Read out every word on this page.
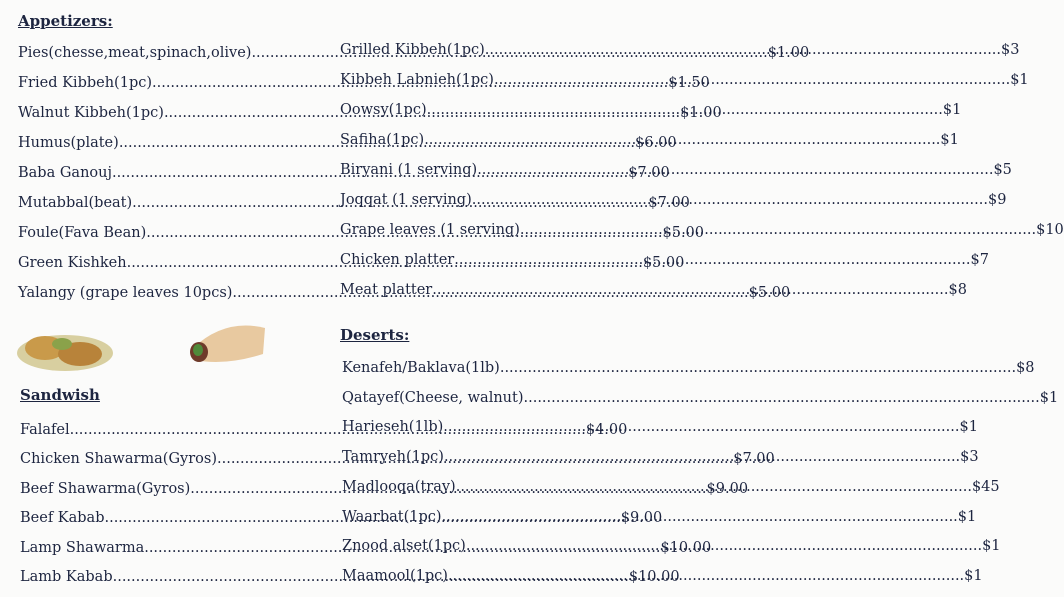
Appetizers:
Pies(chesse,meat,spinach,olive) .....	$1.00
Fried Kibbeh(1pc) .....	$1.50
Walnut Kibbeh(1pc) .....	$1.00
Humus(plate) .....	$6.00
Baba Ganouj .....	$7.00
Mutabbal(beat) .....	$7.00
Foule(Fava Bean) .....	$5.00
Green Kishkeh .....	$5.00
Yalangy (grape leaves 10pcs) .....	$5.00
Sandwish
Falafel .....	$4.00
Chicken Shawarma(Gyros) .....	$7.00
Beef Shawarma(Gyros) .....	$9.00
Beef Kabab .....	$9.00
Lamp Shawarma .....	$10.00
Lamb Kabab .....	$10.00
Grilled Kibbeh(1pc) .....	$3
Kibbeh Labnieh(1pc) .....	$1
Oowsy(1pc) .....	$1
Safiha(1pc) .....	$1
Biryani (1 serving) .....	$5
Joqqat (1 serving) .....	$9
Grape leaves (1 serving) .....	$10
Chicken platter .....	$7
Meat platter .....	$8
Deserts:
Kenafeh/Baklava(1lb) .....	$8
Qatayef(Cheese, walnut) .....	$1
Harieseh(1lb) .....	$1
Tamryeh(1pc) .....	$3
Madlooqa(tray) .....	$45
Waarbat(1pc) .....	$1
Znood alset(1pc) .....	$1
Maamool(1pc) .....	$1
